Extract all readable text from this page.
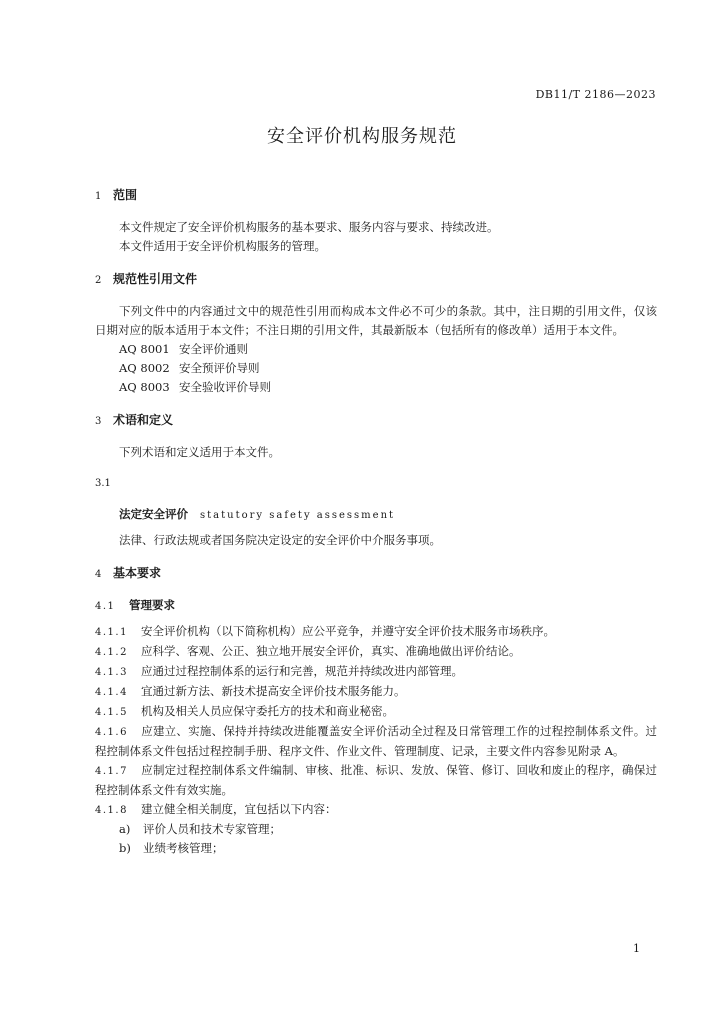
DB11/T 2186—2023
安全评价机构服务规范

1 范围

本文件规定了安全评价机构服务的基本要求、服务内容与要求、持续改进。

本文件适用于安全评价机构服务的管理。

2 规范性引用文件

下列文件中的内容通过文中的规范性引用而构成本文件必不可少的条款。其中，注日期的引用文件，仅该日期对应的版本适用于本文件；不注日期的引用文件，其最新版本（包括所有的修改单）适用于本文件。

AQ 8001 安全评价通则

AQ 8002 安全预评价导则

AQ 8003 安全验收评价导则

3 术语和定义

下列术语和定义适用于本文件。

3.1

法定安全评价 statutory safety assessment

法律、行政法规或者国务院决定设定的安全评价中介服务事项。

4 基本要求

4.1 管理要求

4.1.1 安全评价机构（以下简称机构）应公平竞争，并遵守安全评价技术服务市场秩序。

4.1.2 应科学、客观、公正、独立地开展安全评价，真实、准确地做出评价结论。

4.1.3 应通过过程控制体系的运行和完善，规范并持续改进内部管理。

4.1.4 宜通过新方法、新技术提高安全评价技术服务能力。

4.1.5 机构及相关人员应保守委托方的技术和商业秘密。

4.1.6 应建立、实施、保持并持续改进能覆盖安全评价活动全过程及日常管理工作的过程控制体系文件。过程控制体系文件包括过程控制手册、程序文件、作业文件、管理制度、记录，主要文件内容参见附录 A。

4.1.7 应制定过程控制体系文件编制、审核、批准、标识、发放、保管、修订、回收和废止的程序，确保过程控制体系文件有效实施。

4.1.8 建立健全相关制度，宜包括以下内容：

a) 评价人员和技术专家管理；

b) 业绩考核管理；

1
